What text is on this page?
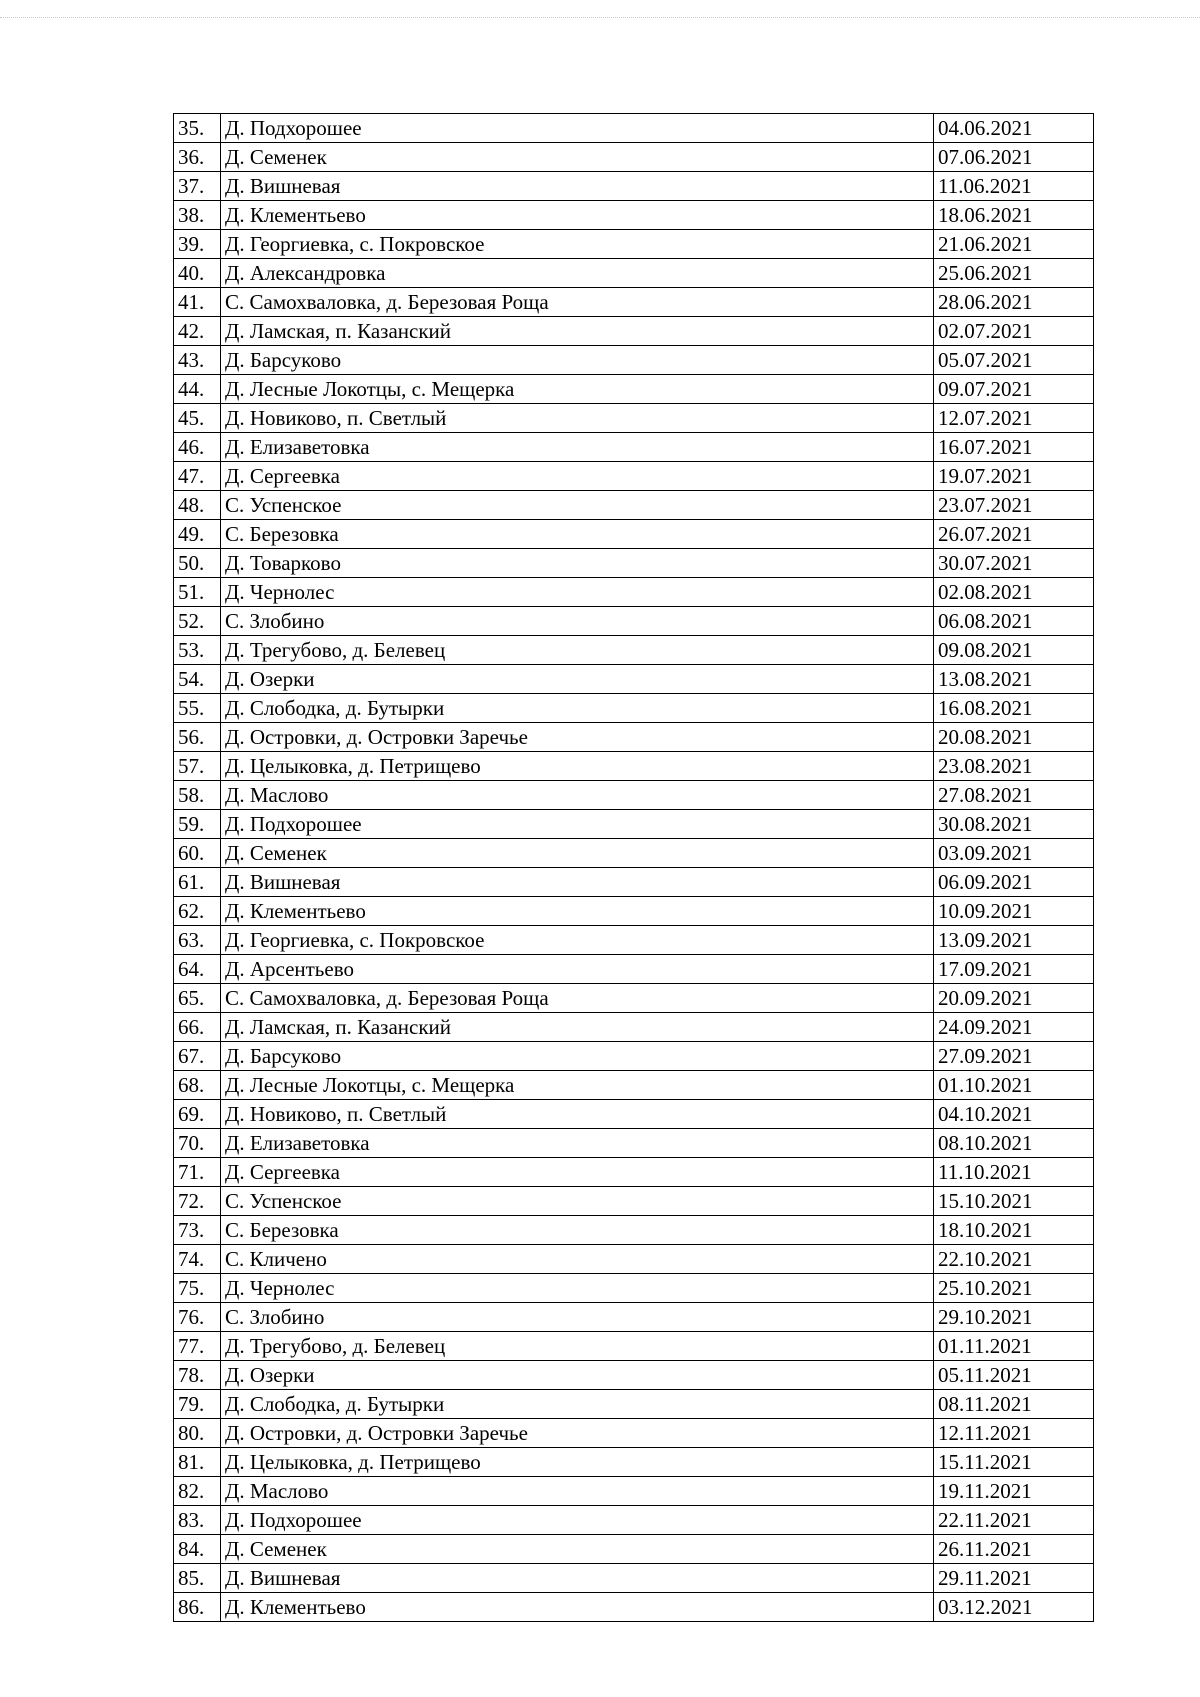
35.	Д. Подхорошее	04.06.2021
36.	Д. Семенек	07.06.2021
37.	Д. Вишневая	11.06.2021
38.	Д. Клементьево	18.06.2021
39.	Д. Георгиевка, с. Покровское	21.06.2021
40.	Д. Александровка	25.06.2021
41.	С. Самохваловка, д. Березовая Роща	28.06.2021
42.	Д. Ламская, п. Казанский	02.07.2021
43.	Д. Барсуково	05.07.2021
44.	Д. Лесные Локотцы, с. Мещерка	09.07.2021
45.	Д. Новиково, п. Светлый	12.07.2021
46.	Д. Елизаветовка	16.07.2021
47.	Д. Сергеевка	19.07.2021
48.	С. Успенское	23.07.2021
49.	С. Березовка	26.07.2021
50.	Д. Товарково	30.07.2021
51.	Д. Чернолес	02.08.2021
52.	С. Злобино	06.08.2021
53.	Д. Трегубово, д. Белевец	09.08.2021
54.	Д. Озерки	13.08.2021
55.	Д. Слободка, д. Бутырки	16.08.2021
56.	Д. Островки, д. Островки Заречье	20.08.2021
57.	Д. Целыковка, д. Петрищево	23.08.2021
58.	Д. Маслово	27.08.2021
59.	Д. Подхорошее	30.08.2021
60.	Д. Семенек	03.09.2021
61.	Д. Вишневая	06.09.2021
62.	Д. Клементьево	10.09.2021
63.	Д. Георгиевка, с. Покровское	13.09.2021
64.	Д. Арсентьево	17.09.2021
65.	С. Самохваловка, д. Березовая Роща	20.09.2021
66.	Д. Ламская, п. Казанский	24.09.2021
67.	Д. Барсуково	27.09.2021
68.	Д. Лесные Локотцы, с. Мещерка	01.10.2021
69.	Д. Новиково, п. Светлый	04.10.2021
70.	Д. Елизаветовка	08.10.2021
71.	Д. Сергеевка	11.10.2021
72.	С. Успенское	15.10.2021
73.	С. Березовка	18.10.2021
74.	С. Кличено	22.10.2021
75.	Д. Чернолес	25.10.2021
76.	С. Злобино	29.10.2021
77.	Д. Трегубово, д. Белевец	01.11.2021
78.	Д. Озерки	05.11.2021
79.	Д. Слободка, д. Бутырки	08.11.2021
80.	Д. Островки, д. Островки Заречье	12.11.2021
81.	Д. Целыковка, д. Петрищево	15.11.2021
82.	Д. Маслово	19.11.2021
83.	Д. Подхорошее	22.11.2021
84.	Д. Семенек	26.11.2021
85.	Д. Вишневая	29.11.2021
86.	Д. Клементьево	03.12.2021
